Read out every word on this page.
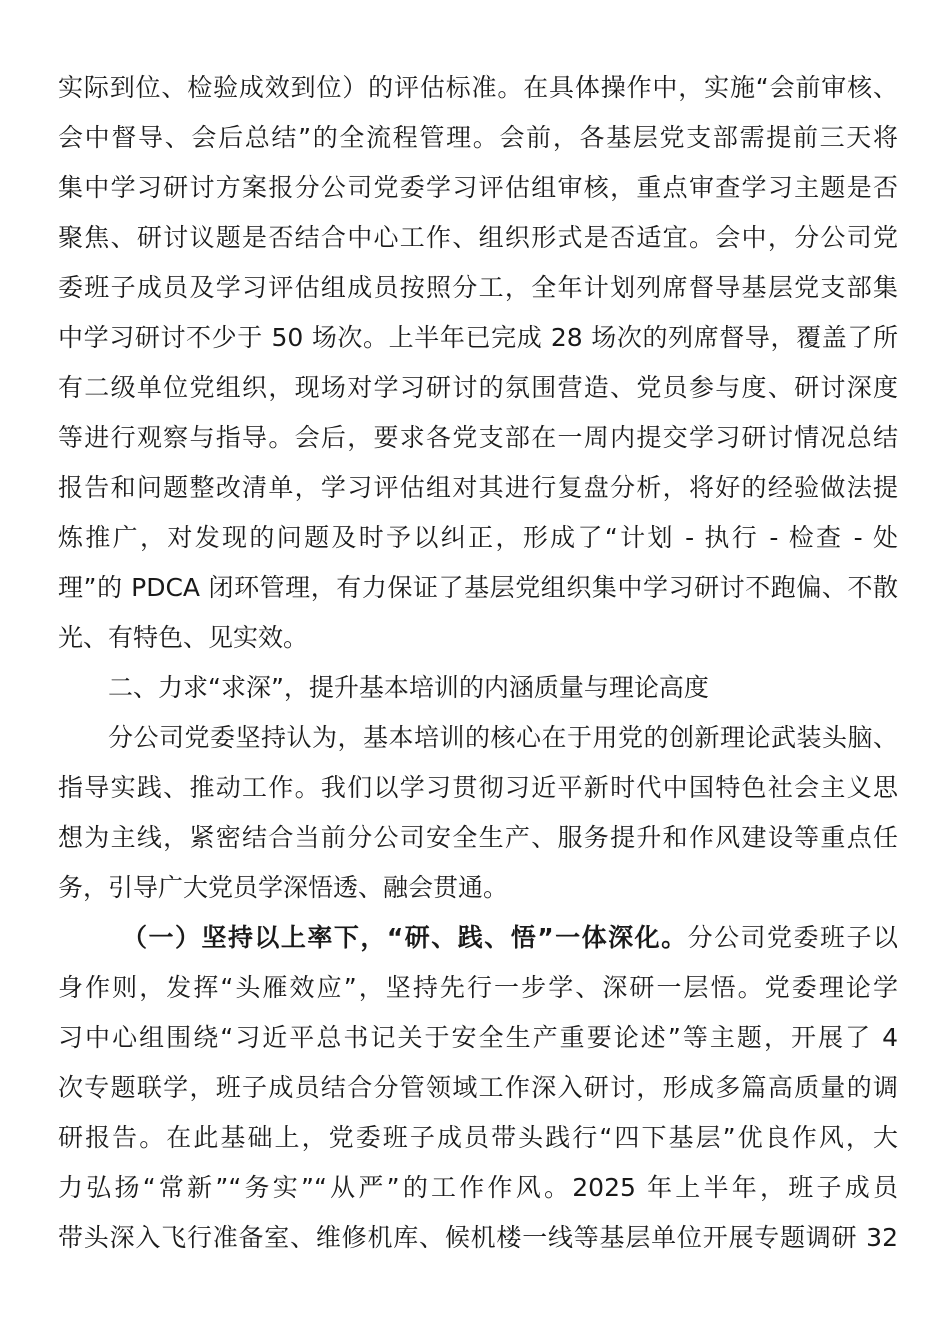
实际到位、检验成效到位）的评估标准。在具体操作中，实施“会前审核、
会中督导、会后总结”的全流程管理。会前，各基层党支部需提前三天将
集中学习研讨方案报分公司党委学习评估组审核，重点审查学习主题是否
聚焦、研讨议题是否结合中心工作、组织形式是否适宜。会中，分公司党
委班子成员及学习评估组成员按照分工，全年计划列席督导基层党支部集
中学习研讨不少于 50 场次。上半年已完成 28 场次的列席督导，覆盖了所
有二级单位党组织，现场对学习研讨的氛围营造、党员参与度、研讨深度
等进行观察与指导。会后，要求各党支部在一周内提交学习研讨情况总结
报告和问题整改清单，学习评估组对其进行复盘分析，将好的经验做法提
炼推广，对发现的问题及时予以纠正，形成了“计划 - 执行 - 检查 - 处
理”的 PDCA 闭环管理，有力保证了基层党组织集中学习研讨不跑偏、不散
光、有特色、见实效。
二、力求“求深”，提升基本培训的内涵质量与理论高度
分公司党委坚持认为，基本培训的核心在于用党的创新理论武装头脑、
指导实践、推动工作。我们以学习贯彻习近平新时代中国特色社会主义思
想为主线，紧密结合当前分公司安全生产、服务提升和作风建设等重点任
务，引导广大党员学深悟透、融会贯通。
（一）坚持以上率下，“研、践、悟”一体深化。分公司党委班子以
身作则，发挥“头雁效应”，坚持先行一步学、深研一层悟。党委理论学
习中心组围绕“习近平总书记关于安全生产重要论述”等主题，开展了 4
次专题联学，班子成员结合分管领域工作深入研讨，形成多篇高质量的调
研报告。在此基础上，党委班子成员带头践行“四下基层”优良作风，大
力弘扬“常新”“务实”“从严”的工作作风。2025 年上半年，班子成员
带头深入飞行准备室、维修机库、候机楼一线等基层单位开展专题调研 32
